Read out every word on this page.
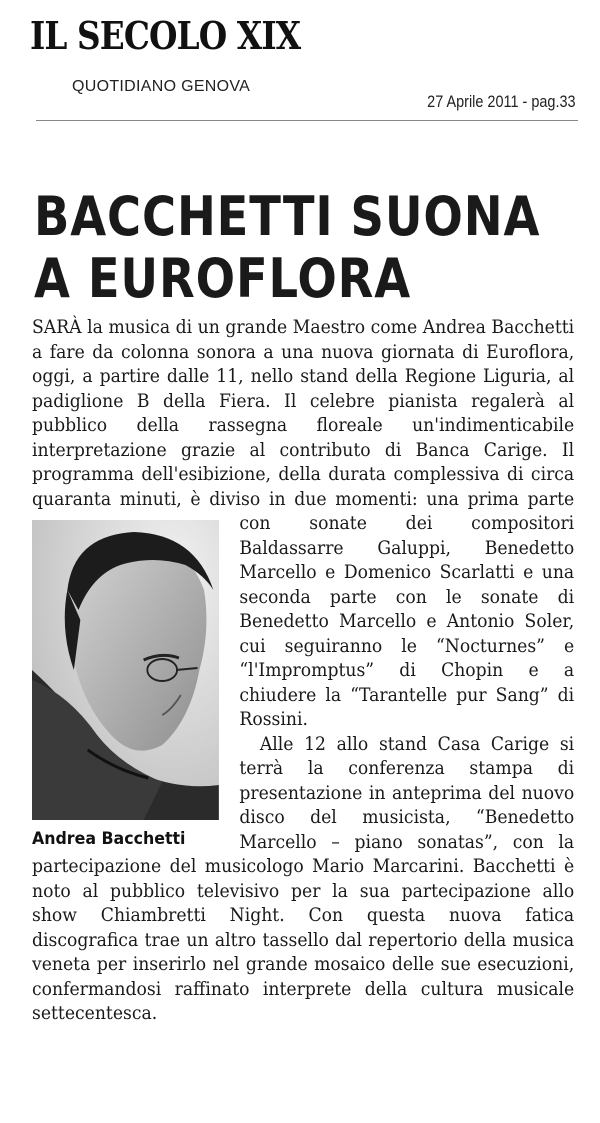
IL SECOLO XIX
QUOTIDIANO GENOVA
27 Aprile 2011 - pag.33
BACCHETTI SUONA
A EUROFLORA

SARÀ la musica di un grande Maestro come Andrea Bacchetti a fare da colonna sonora a una nuova giornata di Euroflora, oggi, a partire dalle 11, nello stand della Regione Liguria, al padiglione B della Fiera. Il celebre pianista regalerà al pubblico della rassegna floreale un'indimenticabile interpretazione grazie al contributo di Banca Carige. Il programma dell'esibizione, della durata complessiva di circa quaranta minuti, è diviso in due momenti: una prima parte con sonate dei compositori
Andrea Bacchetti
Baldassarre Galuppi, Benedetto Marcello e Domenico Scarlatti e una seconda parte con le sonate di Benedetto Marcello e Antonio Soler, cui seguiranno le “Nocturnes” e “l'Impromptus” di Chopin e a chiudere la “Tarantelle pur Sang” di Rossini.

Alle 12 allo stand Casa Carige si terrà la conferenza stampa di presentazione in anteprima del nuovo disco del musicista, “Benedetto Marcello – piano sonatas”, con la partecipazione del musicologo Mario Marcarini. Bacchetti è noto al pubblico televisivo per la sua partecipazione allo show Chiambretti Night. Con questa nuova fatica discografica trae un altro tassello dal repertorio della musica veneta per inserirlo nel grande mosaico delle sue esecuzioni, confermandosi raffinato interprete della cultura musicale settecentesca.
